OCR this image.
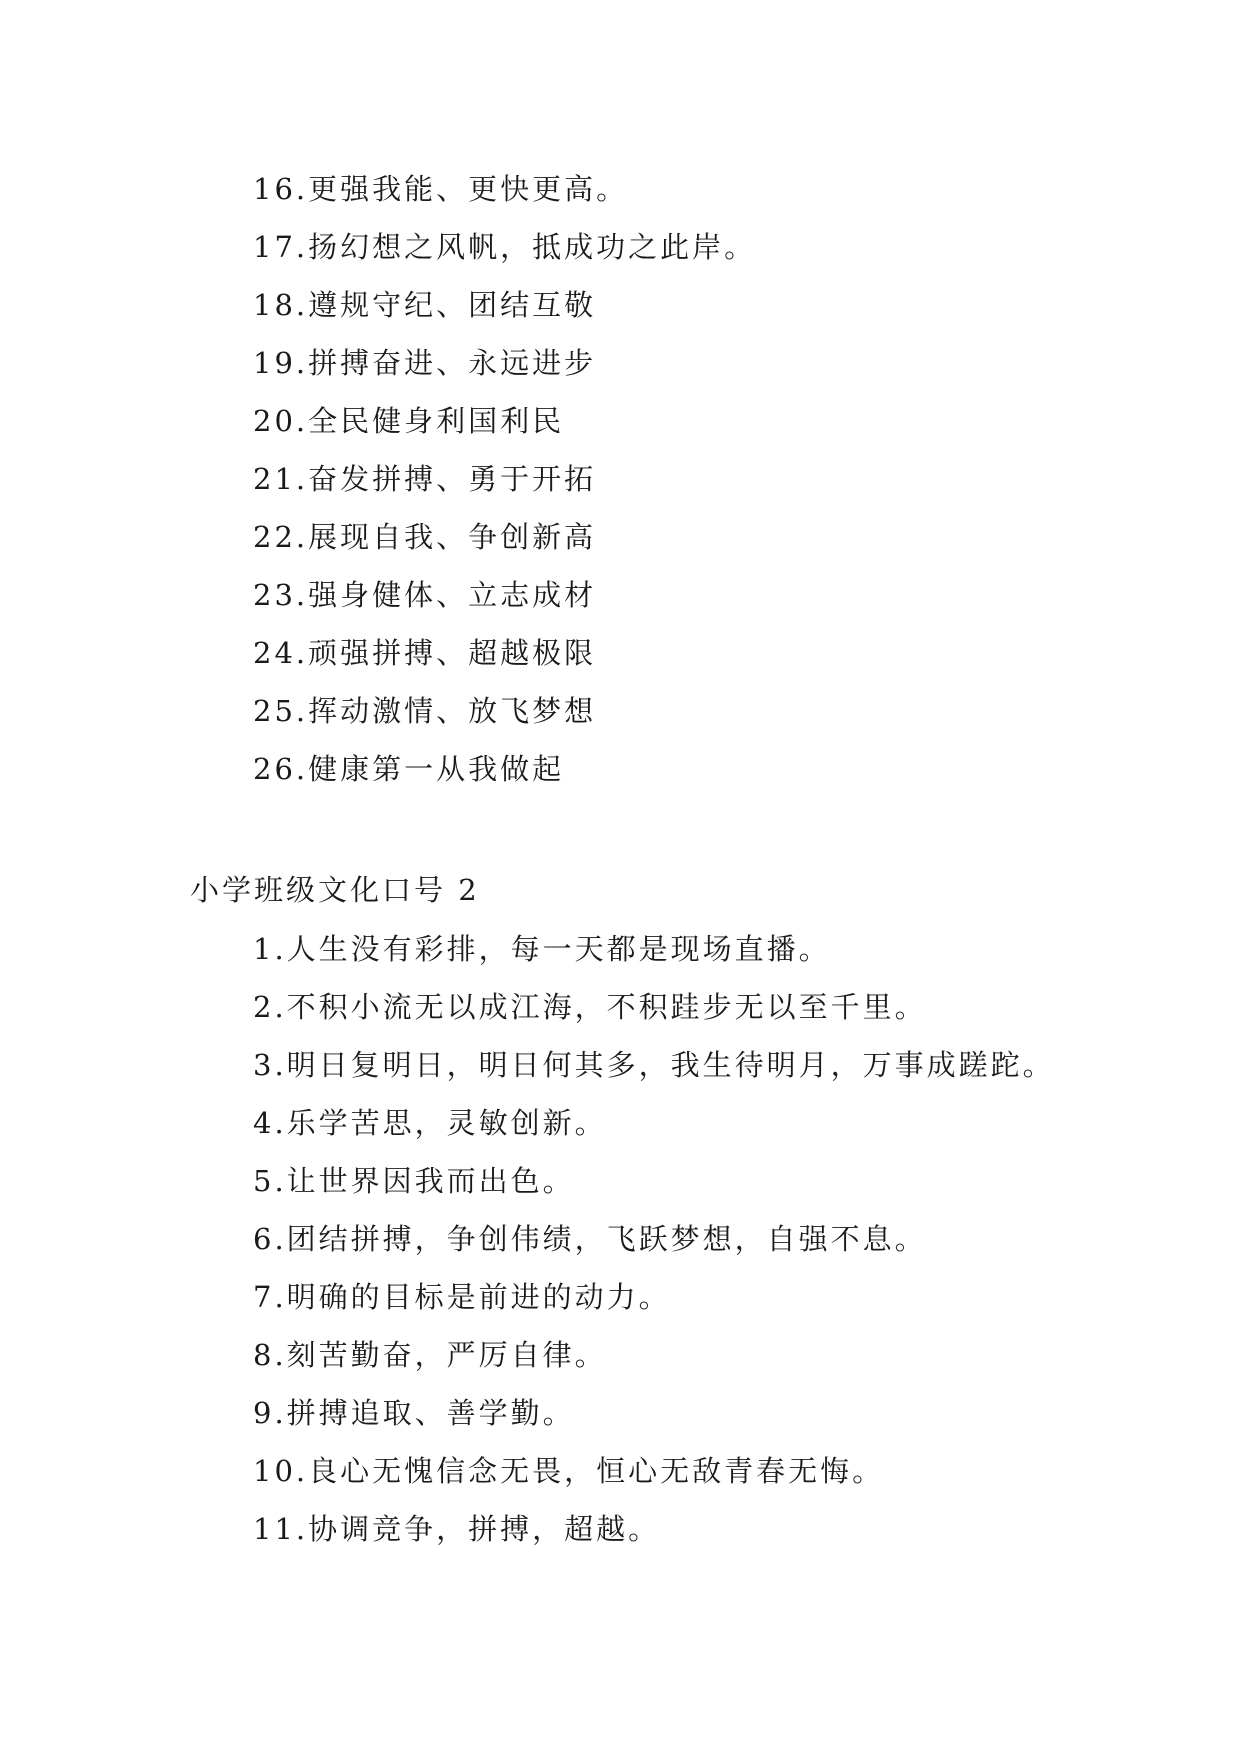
16.更强我能、更快更高。
17.扬幻想之风帆，抵成功之此岸。
18.遵规守纪、团结互敬
19.拼搏奋进、永远进步
20.全民健身利国利民
21.奋发拼搏、勇于开拓
22.展现自我、争创新高
23.强身健体、立志成材
24.顽强拼搏、超越极限
25.挥动激情、放飞梦想
26.健康第一从我做起
小学班级文化口号 2
1.人生没有彩排，每一天都是现场直播。
2.不积小流无以成江海，不积跬步无以至千里。
3.明日复明日，明日何其多，我生待明月，万事成蹉跎。
4.乐学苦思，灵敏创新。
5.让世界因我而出色。
6.团结拼搏，争创伟绩，飞跃梦想，自强不息。
7.明确的目标是前进的动力。
8.刻苦勤奋，严厉自律。
9.拼搏追取、善学勤。
10.良心无愧信念无畏，恒心无敌青春无悔。
11.协调竞争，拼搏，超越。
